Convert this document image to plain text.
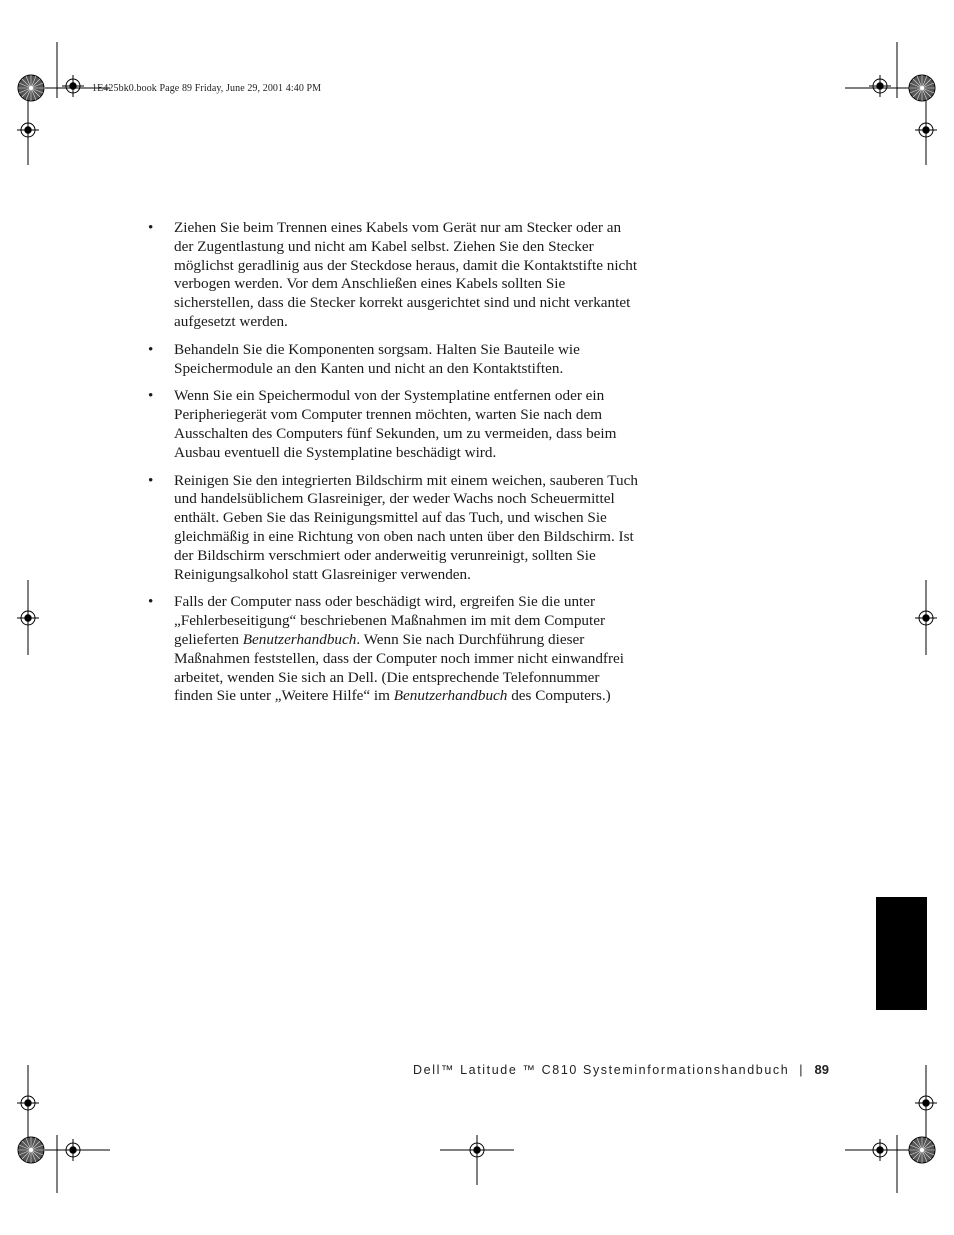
1E425bk0.book Page 89 Friday, June 29, 2001 4:40 PM
• Ziehen Sie beim Trennen eines Kabels vom Gerät nur am Stecker oder an der Zugentlastung und nicht am Kabel selbst. Ziehen Sie den Stecker möglichst geradlinig aus der Steckdose heraus, damit die Kontaktstifte nicht verbogen werden. Vor dem Anschließen eines Kabels sollten Sie sicherstellen, dass die Stecker korrekt ausgerichtet sind und nicht verkantet aufgesetzt werden.
• Behandeln Sie die Komponenten sorgsam. Halten Sie Bauteile wie Speichermodule an den Kanten und nicht an den Kontaktstiften.
• Wenn Sie ein Speichermodul von der Systemplatine entfernen oder ein Peripheriegerät vom Computer trennen möchten, warten Sie nach dem Ausschalten des Computers fünf Sekunden, um zu vermeiden, dass beim Ausbau eventuell die Systemplatine beschädigt wird.
• Reinigen Sie den integrierten Bildschirm mit einem weichen, sauberen Tuch und handelsüblichem Glasreiniger, der weder Wachs noch Scheuermittel enthält. Geben Sie das Reinigungsmittel auf das Tuch, und wischen Sie gleichmäßig in eine Richtung von oben nach unten über den Bildschirm. Ist der Bildschirm verschmiert oder anderweitig verunreinigt, sollten Sie Reinigungsalkohol statt Glasreiniger verwenden.
• Falls der Computer nass oder beschädigt wird, ergreifen Sie die unter „Fehlerbeseitigung“ beschriebenen Maßnahmen im mit dem Computer gelieferten Benutzerhandbuch. Wenn Sie nach Durchführung dieser Maßnahmen feststellen, dass der Computer noch immer nicht einwandfrei arbeitet, wenden Sie sich an Dell. (Die entsprechende Telefonnummer finden Sie unter „Weitere Hilfe“ im Benutzerhandbuch des Computers.)
Dell™ Latitude ™ C810 Systeminformationshandbuch | 89
